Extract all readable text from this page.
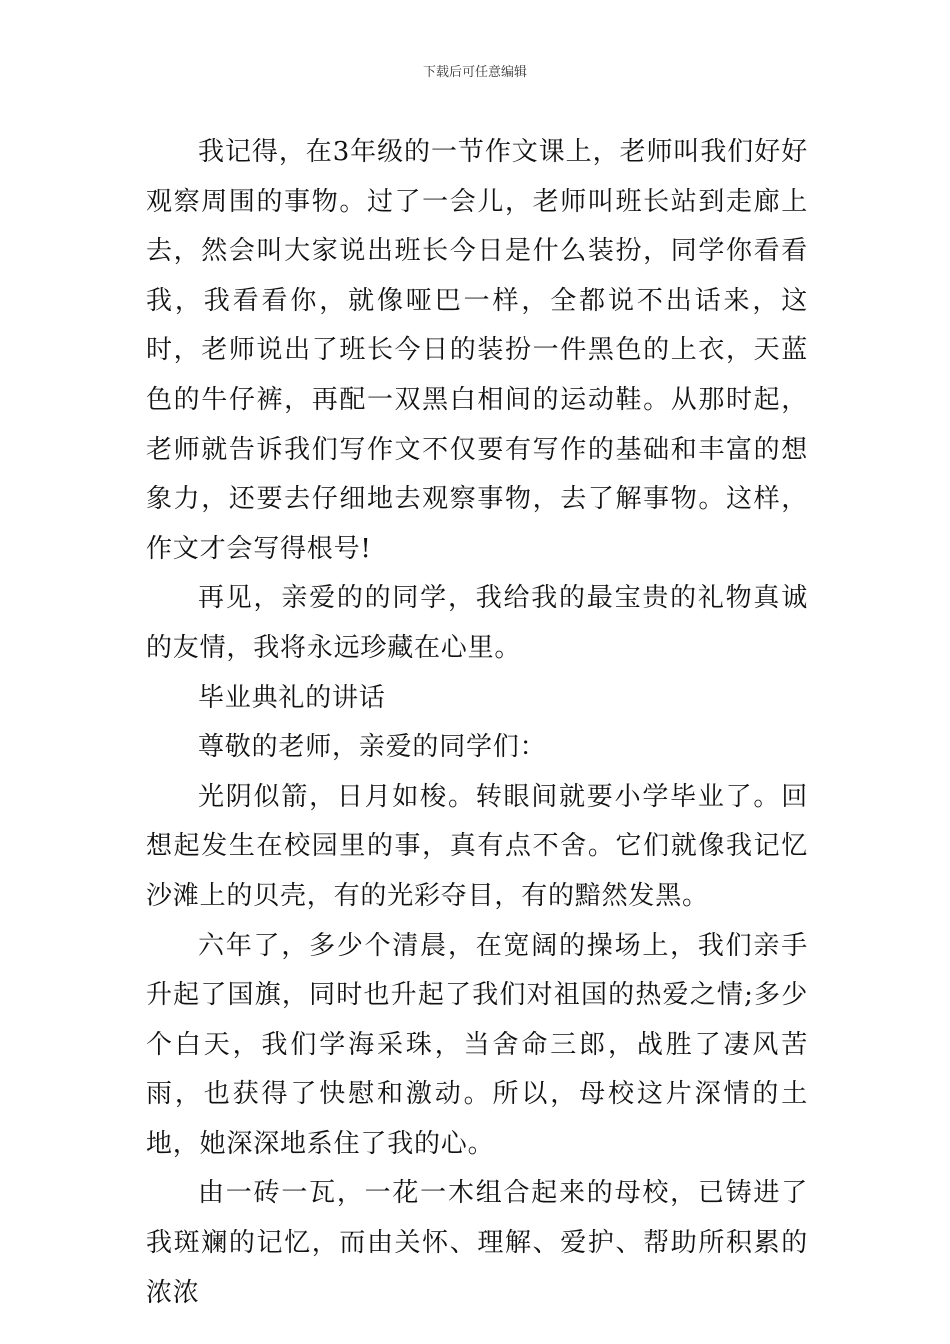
下载后可任意编辑

我记得，在3年级的一节作文课上，老师叫我们好好观察周围的事物。过了一会儿，老师叫班长站到走廊上去，然会叫大家说出班长今日是什么装扮，同学你看看我，我看看你，就像哑巴一样，全都说不出话来，这时，老师说出了班长今日的装扮一件黑色的上衣，天蓝色的牛仔裤，再配一双黑白相间的运动鞋。从那时起，老师就告诉我们写作文不仅要有写作的基础和丰富的想象力，还要去仔细地去观察事物，去了解事物。这样，作文才会写得根号!

再见，亲爱的的同学，我给我的最宝贵的礼物真诚的友情，我将永远珍藏在心里。

毕业典礼的讲话

尊敬的老师，亲爱的同学们：

光阴似箭，日月如梭。转眼间就要小学毕业了。回想起发生在校园里的事，真有点不舍。它们就像我记忆沙滩上的贝壳，有的光彩夺目，有的黯然发黑。

六年了，多少个清晨，在宽阔的操场上，我们亲手升起了国旗，同时也升起了我们对祖国的热爱之情;多少个白天，我们学海采珠，当舍命三郎，战胜了凄风苦雨，也获得了快慰和激动。所以，母校这片深情的土地，她深深地系住了我的心。

由一砖一瓦，一花一木组合起来的母校，已铸进了我斑斓的记忆，而由关怀、理解、爱护、帮助所积累的浓浓
